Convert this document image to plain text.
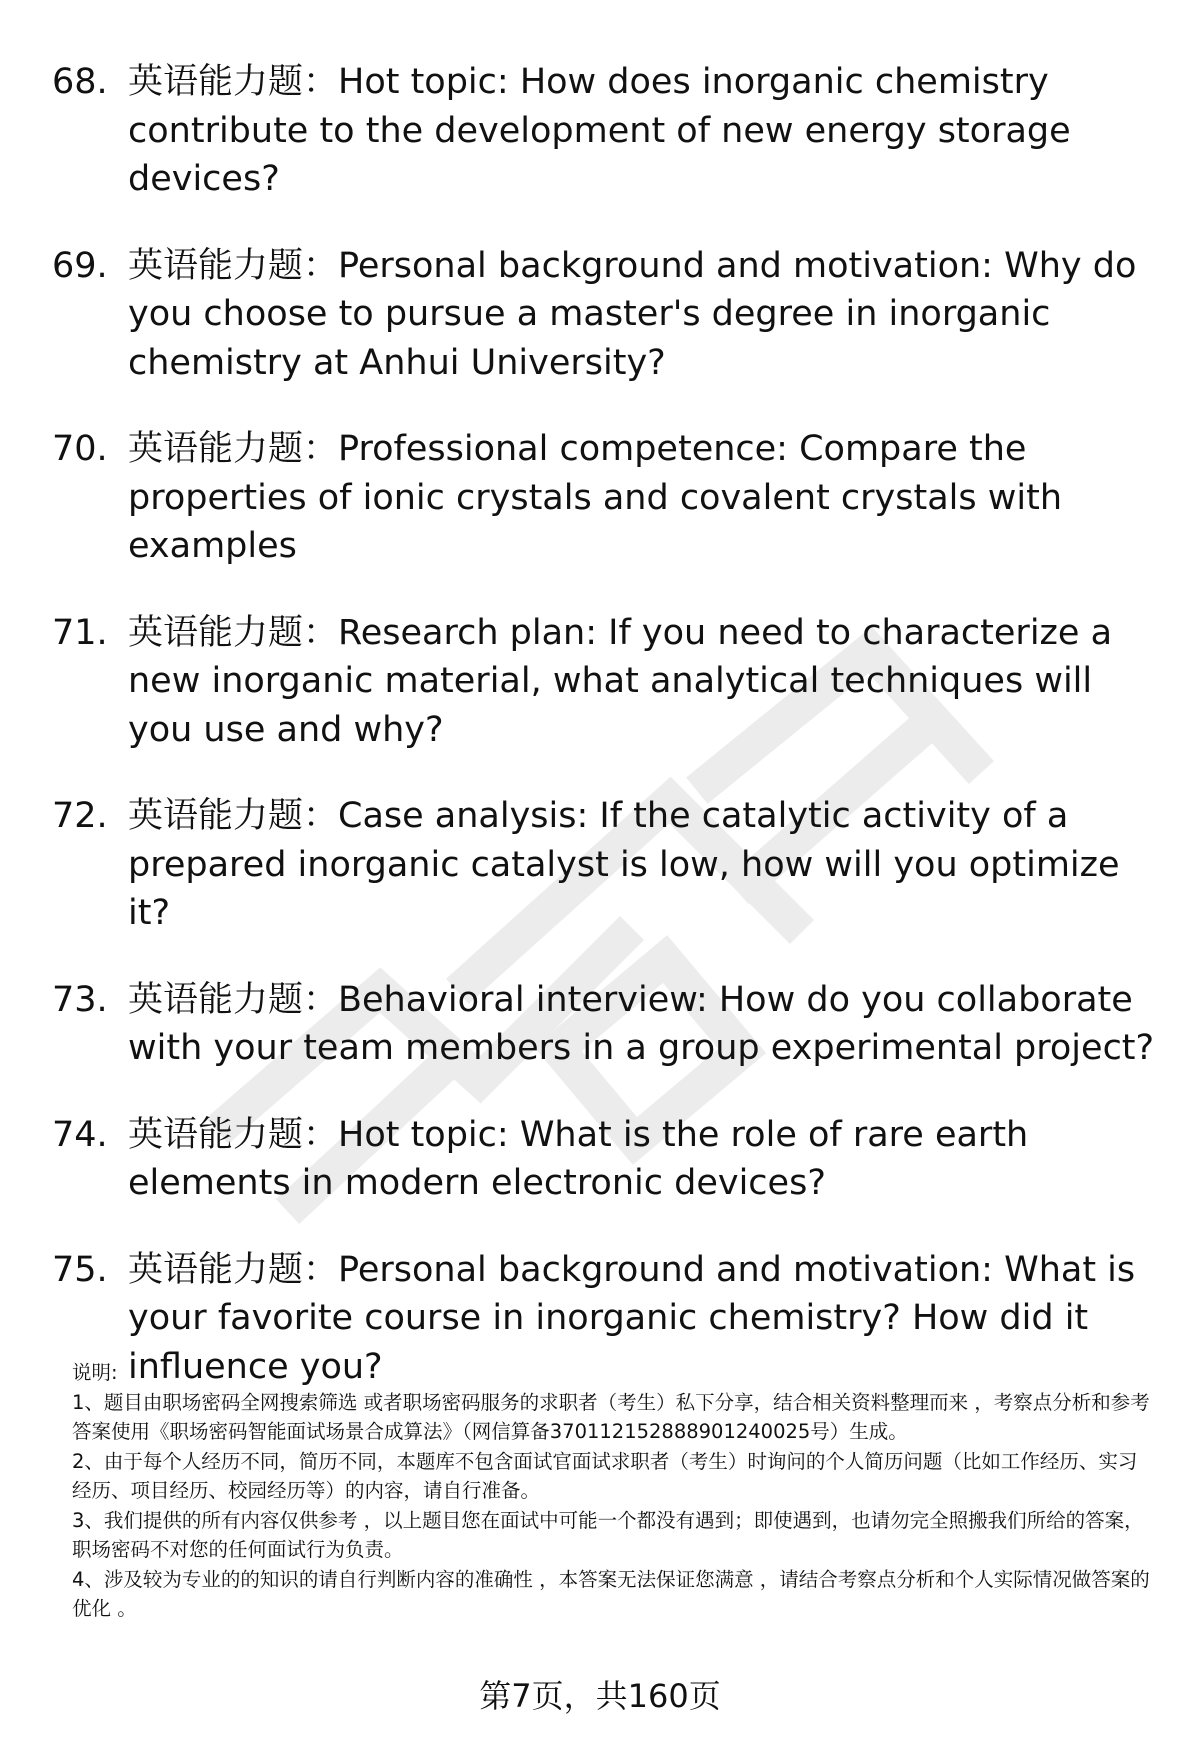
68. 英语能力题：Hot topic: How does inorganic chemistry contribute to the development of new energy storage devices?
69. 英语能力题：Personal background and motivation: Why do you choose to pursue a master's degree in inorganic chemistry at Anhui University?
70. 英语能力题：Professional competence: Compare the properties of ionic crystals and covalent crystals with examples
71. 英语能力题：Research plan: If you need to characterize a new inorganic material, what analytical techniques will you use and why?
72. 英语能力题：Case analysis: If the catalytic activity of a prepared inorganic catalyst is low, how will you optimize it?
73. 英语能力题：Behavioral interview: How do you collaborate with your team members in a group experimental project?
74. 英语能力题：Hot topic: What is the role of rare earth elements in modern electronic devices?
75. 英语能力题：Personal background and motivation: What is your favorite course in inorganic chemistry? How did it influence you?
说明:
1、题目由职场密码全网搜索筛选 或者职场密码服务的求职者（考生）私下分享，结合相关资料整理而来 ，考察点分析和参考答案使用《职场密码智能面试场景合成算法》（网信算备370112152888901240025号）生成。
2、由于每个人经历不同，简历不同，本题库不包含面试官面试求职者（考生）时询问的个人简历问题（比如工作经历、实习经历、项目经历、校园经历等）的内容，请自行准备。
3、我们提供的所有内容仅供参考 ，以上题目您在面试中可能一个都没有遇到；即使遇到，也请勿完全照搬我们所给的答案，职场密码不对您的任何面试行为负责。
4、涉及较为专业的的知识的请自行判断内容的准确性 ，本答案无法保证您满意 ，请结合考察点分析和个人实际情况做答案的优化 。
第7页，共160页
